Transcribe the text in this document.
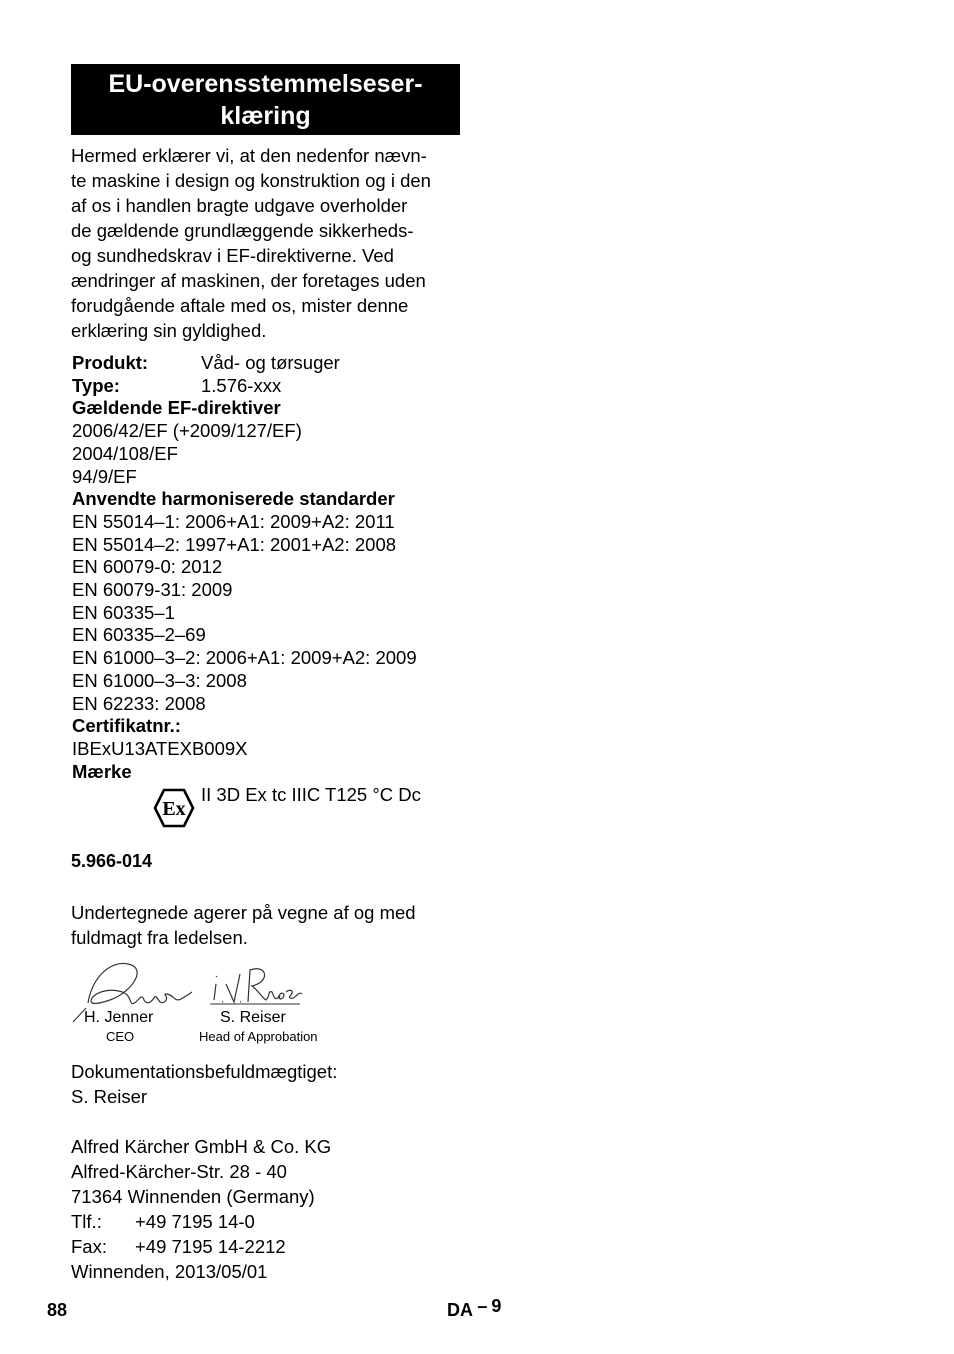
EU-overensstemmelseser-
klæring
Hermed erklærer vi, at den nedenfor nævn-
te maskine i design og konstruktion og i den
af os i handlen bragte udgave overholder
de gældende grundlæggende sikkerheds-
og sundhedskrav i EF-direktiverne. Ved
ændringer af maskinen, der foretages uden
forudgående aftale med os, mister denne
erklæring sin gyldighed.
Produkt:	Våd- og tørsuger
Type:	1.576-xxx
Gældende EF-direktiver
2006/42/EF (+2009/127/EF)
2004/108/EF
94/9/EF
Anvendte harmoniserede standarder
EN 55014–1: 2006+A1: 2009+A2: 2011
EN 55014–2: 1997+A1: 2001+A2: 2008
EN 60079-0: 2012
EN 60079-31: 2009
EN 60335–1
EN 60335–2–69
EN 61000–3–2: 2006+A1: 2009+A2: 2009
EN 61000–3–3: 2008
EN 62233: 2008
Certifikatnr.:
IBExU13ATEXB009X
Mærke
Ex
II 3D Ex tc IIIC T125 °C Dc
5.966-014
Undertegnede agerer på vegne af og med
fuldmagt fra ledelsen.
H. Jenner
CEO
S. Reiser
Head of Approbation
Dokumentationsbefuldmægtiget:
S. Reiser
Alfred Kärcher GmbH & Co. KG
Alfred-Kärcher-Str. 28 - 40
71364 Winnenden (Germany)
Tlf.:	+49 7195 14-0
Fax:	+49 7195 14-2212
Winnenden, 2013/05/01
88	DA – 9
